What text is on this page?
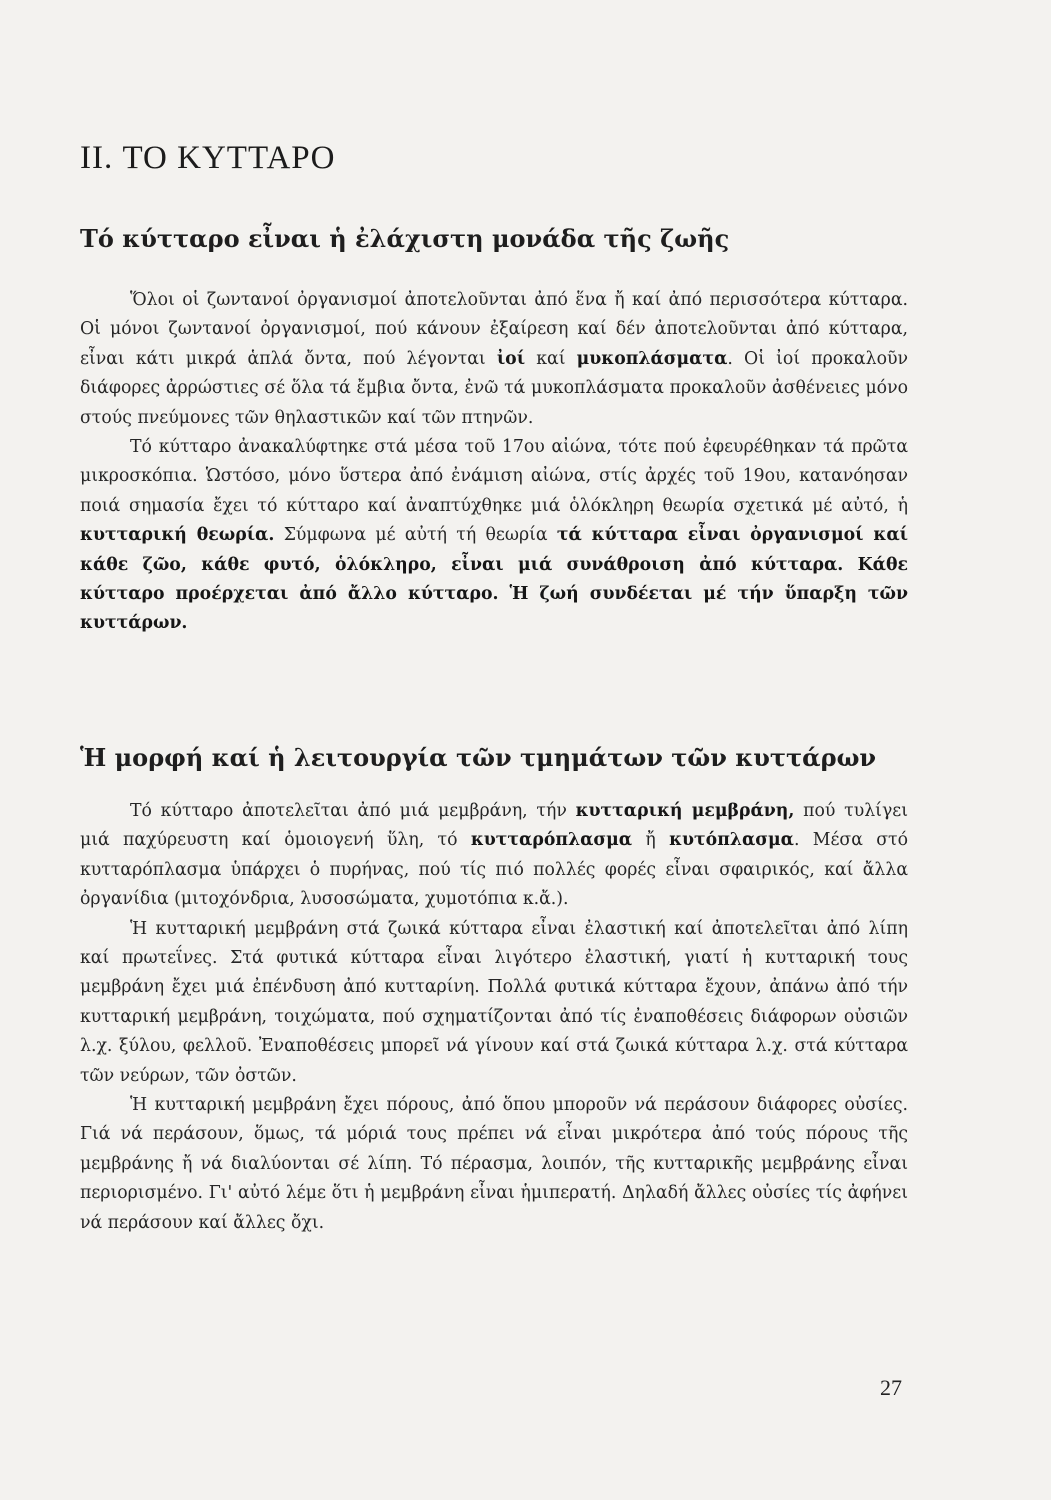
II. ΤΟ ΚΥΤΤΑΡΟ
Τό κύτταρο εἶναι ἡ ἐλάχιστη μονάδα τῆς ζωῆς

Ὅλοι οἱ ζωντανοί ὀργανισμοί ἀποτελοῦνται ἀπό ἕνα ἤ καί ἀπό περισσότερα κύτταρα. Οἱ μόνοι ζωντανοί ὀργανισμοί, πού κάνουν ἐξαίρεση καί δέν ἀποτελοῦνται ἀπό κύτταρα, εἶναι κάτι μικρά ἁπλά ὄντα, πού λέγονται ἰοί καί μυκοπλάσματα. Οἱ ἰοί προκαλοῦν διάφορες ἀρρώστιες σέ ὅλα τά ἔμβια ὄντα, ἐνῶ τά μυκοπλάσματα προκαλοῦν ἀσθένειες μόνο στούς πνεύμονες τῶν θηλαστικῶν καί τῶν πτηνῶν.

Τό κύτταρο ἀνακαλύφτηκε στά μέσα τοῦ 17ου αἰώνα, τότε πού ἐφευρέθηκαν τά πρῶτα μικροσκόπια. Ὡστόσο, μόνο ὕστερα ἀπό ἐνάμιση αἰώνα, στίς ἀρχές τοῦ 19ου, κατανόησαν ποιά σημασία ἔχει τό κύτταρο καί ἀναπτύχθηκε μιά ὁλόκληρη θεωρία σχετικά μέ αὐτό, ἡ κυτταρική θεωρία. Σύμφωνα μέ αὐτή τή θεωρία τά κύτταρα εἶναι ὀργανισμοί καί κάθε ζῶο, κάθε φυτό, ὁλόκληρο, εἶναι μιά συνάθροιση ἀπό κύτταρα. Κάθε κύτταρο προέρχεται ἀπό ἄλλο κύτταρο. Ἡ ζωή συνδέεται μέ τήν ὕπαρξη τῶν κυττάρων.

Ἡ μορφή καί ἡ λειτουργία τῶν τμημάτων τῶν κυττάρων

Τό κύτταρο ἀποτελεῖται ἀπό μιά μεμβράνη, τήν κυτταρική μεμβράνη, πού τυλίγει μιά παχύρευστη καί ὁμοιογενή ὕλη, τό κυτταρόπλασμα ἤ κυτόπλασμα. Μέσα στό κυτταρόπλασμα ὑπάρχει ὁ πυρήνας, πού τίς πιό πολλές φορές εἶναι σφαιρικός, καί ἄλλα ὀργανίδια (μιτοχόνδρια, λυσοσώματα, χυμοτόπια κ.ἄ.).

Ἡ κυτταρική μεμβράνη στά ζωικά κύτταρα εἶναι ἐλαστική καί ἀποτελεῖται ἀπό λίπη καί πρωτεΐνες. Στά φυτικά κύτταρα εἶναι λιγότερο ἐλαστική, γιατί ἡ κυτταρική τους μεμβράνη ἔχει μιά ἐπένδυση ἀπό κυτταρίνη. Πολλά φυτικά κύτταρα ἔχουν, ἀπάνω ἀπό τήν κυτταρική μεμβράνη, τοιχώματα, πού σχηματίζονται ἀπό τίς ἐναποθέσεις διάφορων οὐσιῶν λ.χ. ξύλου, φελλοῦ. Ἐναποθέσεις μπορεῖ νά γίνουν καί στά ζωικά κύτταρα λ.χ. στά κύτταρα τῶν νεύρων, τῶν ὀστῶν.

Ἡ κυτταρική μεμβράνη ἔχει πόρους, ἀπό ὅπου μποροῦν νά περάσουν διάφορες οὐσίες. Γιά νά περάσουν, ὅμως, τά μόριά τους πρέπει νά εἶναι μικρότερα ἀπό τούς πόρους τῆς μεμβράνης ἤ νά διαλύονται σέ λίπη. Τό πέρασμα, λοιπόν, τῆς κυτταρικῆς μεμβράνης εἶναι περιορισμένο. Γι' αὐτό λέμε ὅτι ἡ μεμβράνη εἶναι ἡμιπερατή. Δηλαδή ἄλλες οὐσίες τίς ἀφήνει νά περάσουν καί ἄλλες ὄχι.

27
